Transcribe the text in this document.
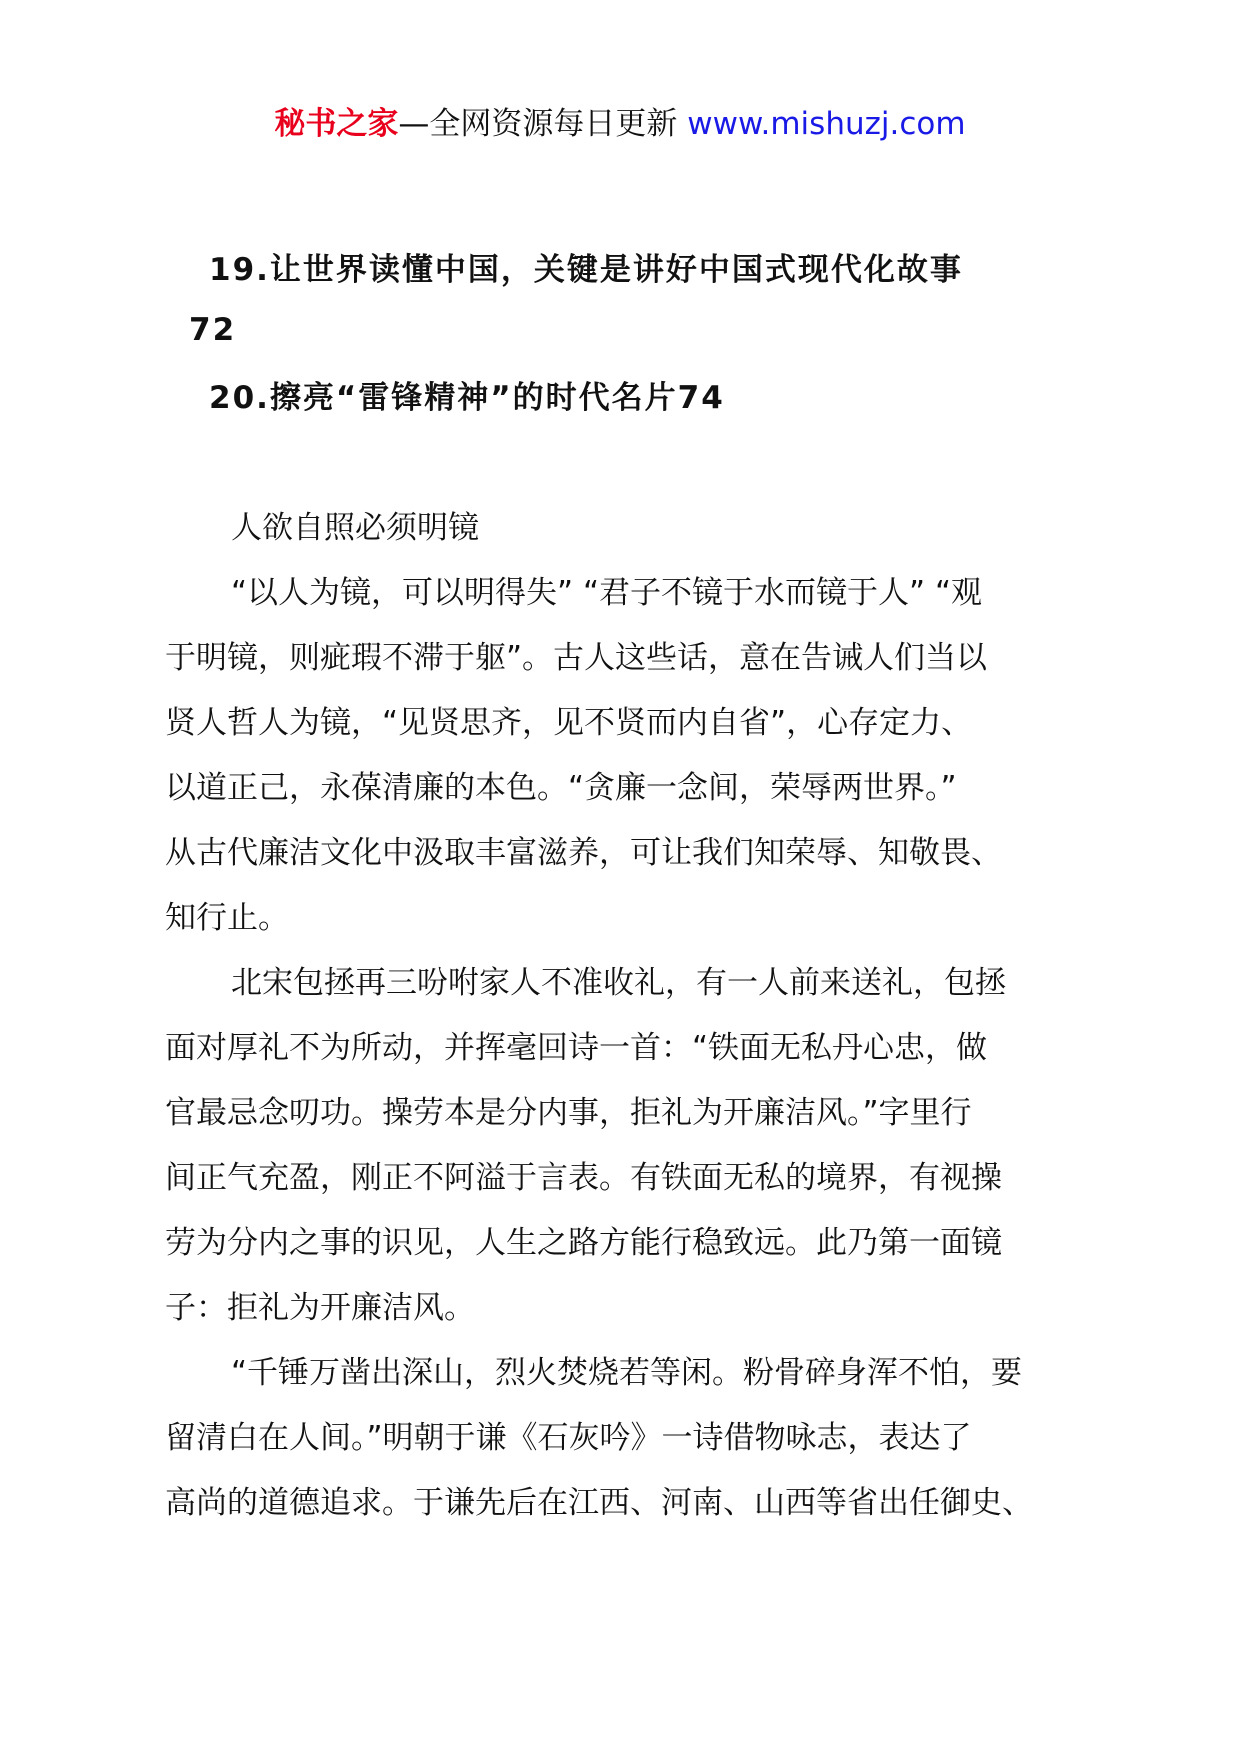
秘书之家—全网资源每日更新 www.mishuzj.com
19.让世界读懂中国，关键是讲好中国式现代化故事
72
20.擦亮“雷锋精神”的时代名片74
人欲自照必须明镜
“以人为镜，可以明得失” “君子不镜于水而镜于人” “观
于明镜，则疵瑕不滞于躯”。古人这些话，意在告诫人们当以
贤人哲人为镜，“见贤思齐，见不贤而内自省”，心存定力、
以道正己，永葆清廉的本色。“贪廉一念间，荣辱两世界。”
从古代廉洁文化中汲取丰富滋养，可让我们知荣辱、知敬畏、
知行止。
北宋包拯再三吩咐家人不准收礼，有一人前来送礼，包拯
面对厚礼不为所动，并挥毫回诗一首：“铁面无私丹心忠，做
官最忌念叨功。操劳本是分内事，拒礼为开廉洁风。”字里行
间正气充盈，刚正不阿溢于言表。有铁面无私的境界，有视操
劳为分内之事的识见，人生之路方能行稳致远。此乃第一面镜
子：拒礼为开廉洁风。
“千锤万凿出深山，烈火焚烧若等闲。粉骨碎身浑不怕，要
留清白在人间。”明朝于谦《石灰吟》一诗借物咏志，表达了
高尚的道德追求。于谦先后在江西、河南、山西等省出任御史、
